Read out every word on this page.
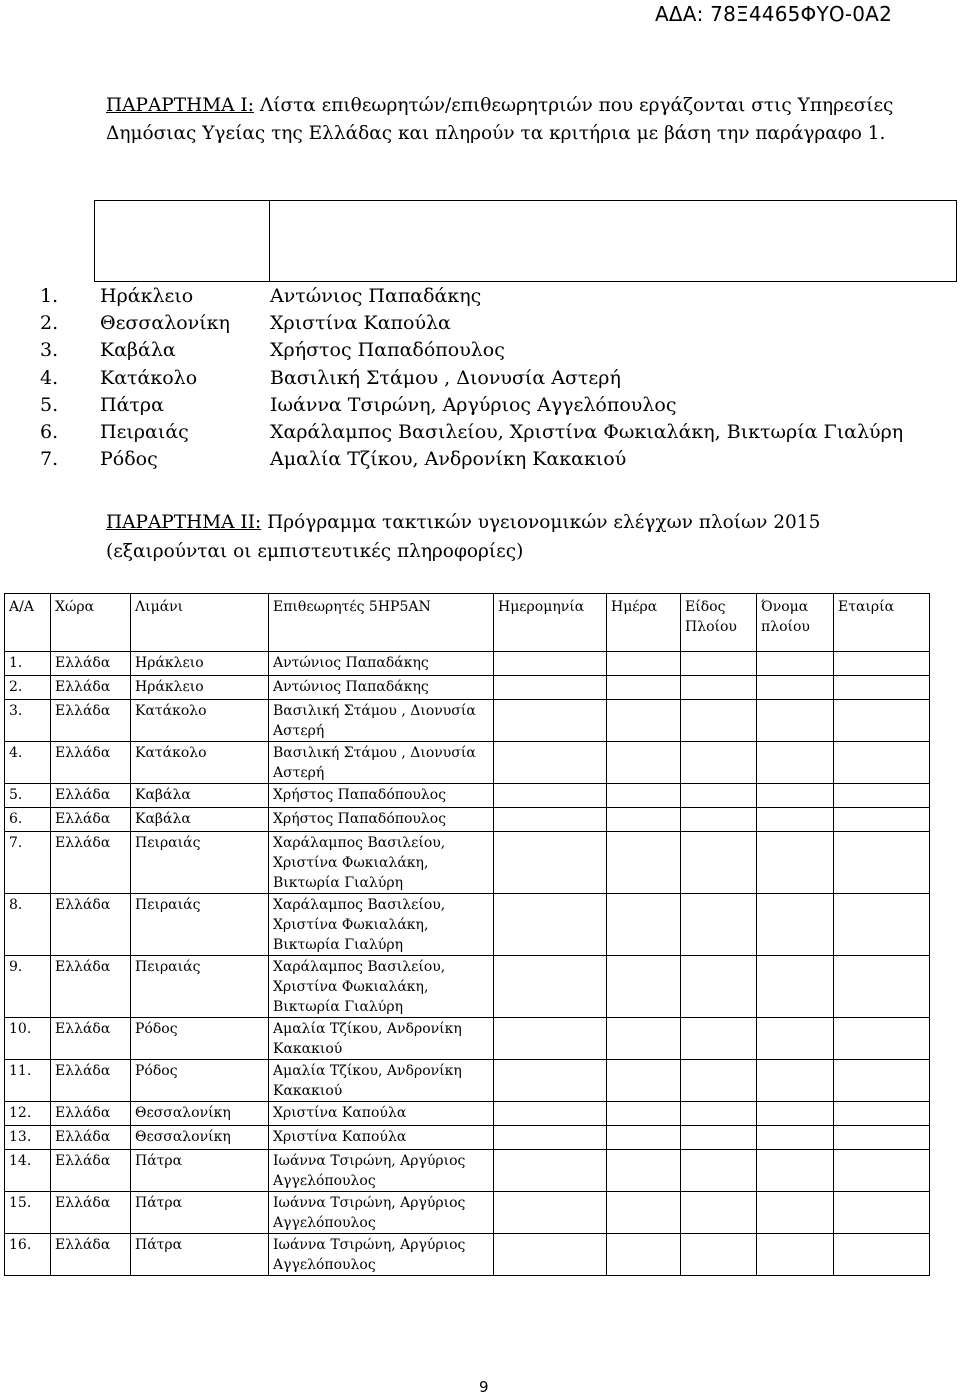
ΑΔΑ: 78Ξ4465ΦΥΟ-0Α2
ΠΑΡΑΡΤΗΜΑ Ι: Λίστα επιθεωρητών/επιθεωρητριών που εργάζονται στις Υπηρεσίες Δημόσιας Υγείας της Ελλάδας και πληρούν τα κριτήρια με βάση την παράγραφο 1.
1.	Ηράκλειο	Αντώνιος Παπαδάκης
2.	Θεσσαλονίκη	Χριστίνα Καπούλα
3.	Καβάλα	Χρήστος Παπαδόπουλος
4.	Κατάκολο	Βασιλική Στάμου , Διονυσία Αστερή
5.	Πάτρα	Ιωάννα Τσιρώνη, Αργύριος Αγγελόπουλος
6.	Πειραιάς	Χαράλαμπος Βασιλείου, Χριστίνα Φωκιαλάκη, Βικτωρία Γιαλύρη
7.	Ρόδος	Αμαλία Τζίκου, Ανδρονίκη Κακακιού
ΠΑΡΑΡΤΗΜΑ ΙΙ: Πρόγραμμα τακτικών υγειονομικών ελέγχων πλοίων 2015 (εξαιρούνται οι εμπιστευτικές πληροφορίες)
Α/Α	Χώρα	Λιμάνι	Επιθεωρητές 5ΗΡ5ΑΝ	Ημερομηνία	Ημέρα	Είδος Πλοίου	Όνομα πλοίου	Εταιρία
1.	Ελλάδα	Ηράκλειο	Αντώνιος Παπαδάκης					
2.	Ελλάδα	Ηράκλειο	Αντώνιος Παπαδάκης					
3.	Ελλάδα	Κατάκολο	Βασιλική Στάμου , Διονυσία Αστερή					
4.	Ελλάδα	Κατάκολο	Βασιλική Στάμου , Διονυσία Αστερή					
5.	Ελλάδα	Καβάλα	Χρήστος Παπαδόπουλος					
6.	Ελλάδα	Καβάλα	Χρήστος Παπαδόπουλος					
7.	Ελλάδα	Πειραιάς	Χαράλαμπος Βασιλείου, Χριστίνα Φωκιαλάκη, Βικτωρία Γιαλύρη					
8.	Ελλάδα	Πειραιάς	Χαράλαμπος Βασιλείου, Χριστίνα Φωκιαλάκη, Βικτωρία Γιαλύρη					
9.	Ελλάδα	Πειραιάς	Χαράλαμπος Βασιλείου, Χριστίνα Φωκιαλάκη, Βικτωρία Γιαλύρη					
10.	Ελλάδα	Ρόδος	Αμαλία Τζίκου, Ανδρονίκη Κακακιού					
11.	Ελλάδα	Ρόδος	Αμαλία Τζίκου, Ανδρονίκη Κακακιού					
12.	Ελλάδα	Θεσσαλονίκη	Χριστίνα Καπούλα					
13.	Ελλάδα	Θεσσαλονίκη	Χριστίνα Καπούλα					
14.	Ελλάδα	Πάτρα	Ιωάννα Τσιρώνη, Αργύριος Αγγελόπουλος					
15.	Ελλάδα	Πάτρα	Ιωάννα Τσιρώνη, Αργύριος Αγγελόπουλος					
16.	Ελλάδα	Πάτρα	Ιωάννα Τσιρώνη, Αργύριος Αγγελόπουλος					
9
